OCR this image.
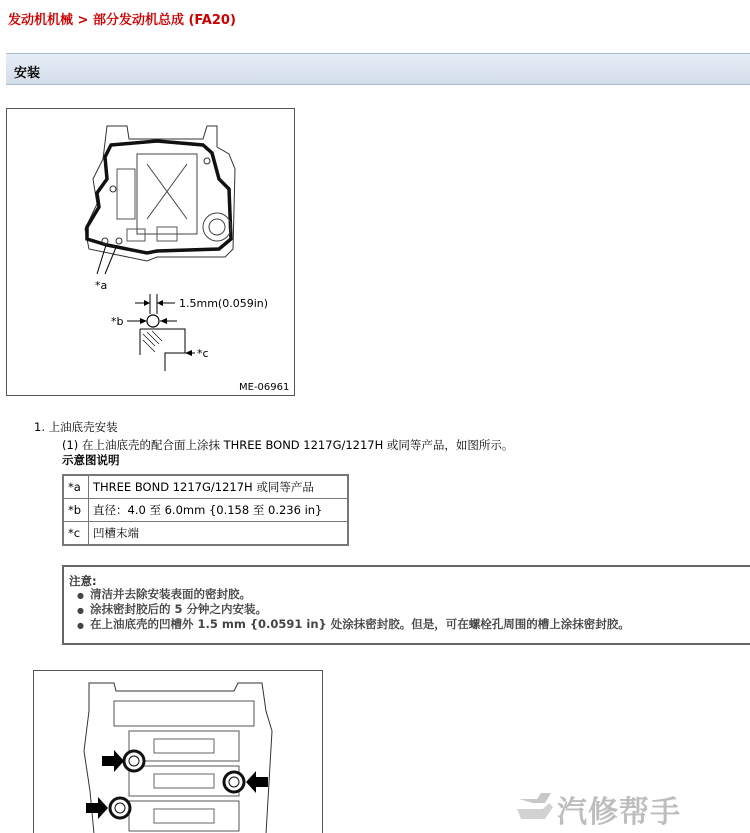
发动机机械 > 部分发动机总成 (FA20)
安装
*a
1.5mm(0.059in)
*b
*c
ME-06961
1. 上油底壳安装
(1) 在上油底壳的配合面上涂抹 THREE BOND 1217G/1217H 或同等产品，如图所示。
示意图说明
*a	THREE BOND 1217G/1217H 或同等产品
*b	直径：4.0 至 6.0mm {0.158 至 0.236 in}
*c	凹槽末端
注意:
● 清洁并去除安装表面的密封胶。
● 涂抹密封胶后的 5 分钟之内安装。
● 在上油底壳的凹槽外 1.5 mm {0.0591 in} 处涂抹密封胶。但是，可在螺栓孔周围的槽上涂抹密封胶。
汽修帮手
